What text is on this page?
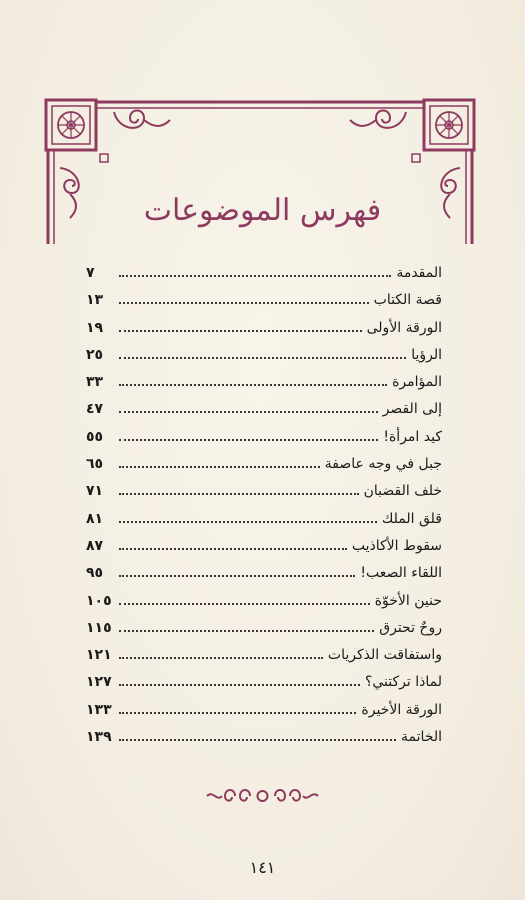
فهرس الموضوعات
المقدمة
٧
قصة الكتاب
١٣
الورقة الأولى
١٩
الرؤيا
٢٥
المؤامرة
٣٣
إلى القصر
٤٧
كيد امرأة!
٥٥
جبل في وجه عاصفة
٦٥
خلف القضبان
٧١
قلق الملك
٨١
سقوط الأكاذيب
٨٧
اللقاء الصعب!
٩٥
حنين الأخوّة
١٠٥
روحٌ تحترق
١١٥
واستفاقت الذكريات
١٢١
لماذا تركتني؟
١٢٧
الورقة الأخيرة
١٣٣
الخاتمة
١٣٩
١٤١
